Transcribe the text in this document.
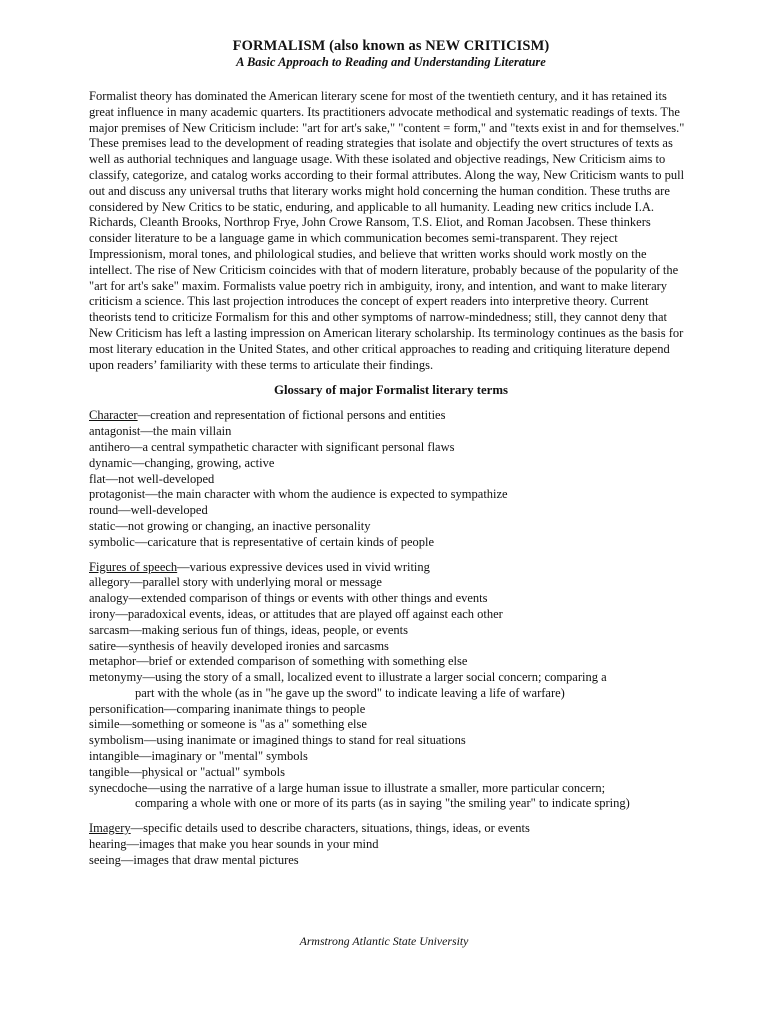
FORMALISM (also known as NEW CRITICISM)
A Basic Approach to Reading and Understanding Literature

Formalist theory has dominated the American literary scene for most of the twentieth century, and it has retained its great influence in many academic quarters. Its practitioners advocate methodical and systematic readings of texts. The major premises of New Criticism include: "art for art's sake," "content = form," and "texts exist in and for themselves." These premises lead to the development of reading strategies that isolate and objectify the overt structures of texts as well as authorial techniques and language usage. With these isolated and objective readings, New Criticism aims to classify, categorize, and catalog works according to their formal attributes. Along the way, New Criticism wants to pull out and discuss any universal truths that literary works might hold concerning the human condition. These truths are considered by New Critics to be static, enduring, and applicable to all humanity. Leading new critics include I.A. Richards, Cleanth Brooks, Northrop Frye, John Crowe Ransom, T.S. Eliot, and Roman Jacobsen. These thinkers consider literature to be a language game in which communication becomes semi-transparent. They reject Impressionism, moral tones, and philological studies, and believe that written works should work mostly on the intellect. The rise of New Criticism coincides with that of modern literature, probably because of the popularity of the "art for art's sake" maxim. Formalists value poetry rich in ambiguity, irony, and intention, and want to make literary criticism a science. This last projection introduces the concept of expert readers into interpretive theory. Current theorists tend to criticize Formalism for this and other symptoms of narrow-mindedness; still, they cannot deny that New Criticism has left a lasting impression on American literary scholarship. Its terminology continues as the basis for most literary education in the United States, and other critical approaches to reading and critiquing literature depend upon readers’ familiarity with these terms to articulate their findings.

Glossary of major Formalist literary terms

Character—creation and representation of fictional persons and entities

antagonist—the main villain

antihero—a central sympathetic character with significant personal flaws

dynamic—changing, growing, active

flat—not well-developed

protagonist—the main character with whom the audience is expected to sympathize

round—well-developed

static—not growing or changing, an inactive personality

symbolic—caricature that is representative of certain kinds of people

Figures of speech—various expressive devices used in vivid writing

allegory—parallel story with underlying moral or message

analogy—extended comparison of things or events with other things and events

irony—paradoxical events, ideas, or attitudes that are played off against each other

sarcasm—making serious fun of things, ideas, people, or events

satire—synthesis of heavily developed ironies and sarcasms

metaphor—brief or extended comparison of something with something else

metonymy—using the story of a small, localized event to illustrate a larger social concern; comparing a

part with the whole (as in "he gave up the sword" to indicate leaving a life of warfare)

personification—comparing inanimate things to people

simile—something or someone is "as a" something else

symbolism—using inanimate or imagined things to stand for real situations

intangible—imaginary or "mental" symbols

tangible—physical or "actual" symbols

synecdoche—using the narrative of a large human issue to illustrate a smaller, more particular concern;

comparing a whole with one or more of its parts (as in saying "the smiling year" to indicate spring)

Imagery—specific details used to describe characters, situations, things, ideas, or events

hearing—images that make you hear sounds in your mind

seeing—images that draw mental pictures

Armstrong Atlantic State University
